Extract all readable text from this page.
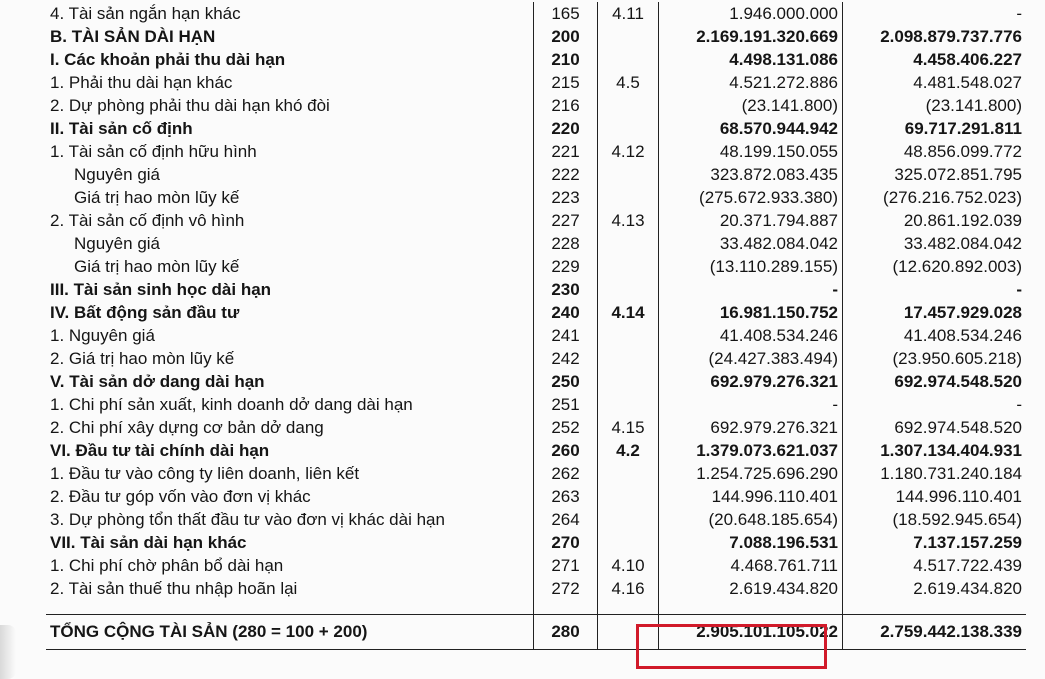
4. Tài sản ngắn hạn khác	165	4.11	1.946.000.000	-
B. TÀI SẢN DÀI HẠN	200		2.169.191.320.669	2.098.879.737.776
I. Các khoản phải thu dài hạn	210		4.498.131.086	4.458.406.227
1. Phải thu dài hạn khác	215	4.5	4.521.272.886	4.481.548.027
2. Dự phòng phải thu dài hạn khó đòi	216		(23.141.800)	(23.141.800)
II. Tài sản cố định	220		68.570.944.942	69.717.291.811
1. Tài sản cố định hữu hình	221	4.12	48.199.150.055	48.856.099.772
Nguyên giá	222		323.872.083.435	325.072.851.795
Giá trị hao mòn lũy kế	223		(275.672.933.380)	(276.216.752.023)
2. Tài sản cố định vô hình	227	4.13	20.371.794.887	20.861.192.039
Nguyên giá	228		33.482.084.042	33.482.084.042
Giá trị hao mòn lũy kế	229		(13.110.289.155)	(12.620.892.003)
III. Tài sản sinh học dài hạn	230		-	-
IV. Bất động sản đầu tư	240	4.14	16.981.150.752	17.457.929.028
1. Nguyên giá	241		41.408.534.246	41.408.534.246
2. Giá trị hao mòn lũy kế	242		(24.427.383.494)	(23.950.605.218)
V. Tài sản dở dang dài hạn	250		692.979.276.321	692.974.548.520
1. Chi phí sản xuất, kinh doanh dở dang dài hạn	251		-	-
2. Chi phí xây dựng cơ bản dở dang	252	4.15	692.979.276.321	692.974.548.520
VI. Đầu tư tài chính dài hạn	260	4.2	1.379.073.621.037	1.307.134.404.931
1. Đầu tư vào công ty liên doanh, liên kết	262		1.254.725.696.290	1.180.731.240.184
2. Đầu tư góp vốn vào đơn vị khác	263		144.996.110.401	144.996.110.401
3. Dự phòng tổn thất đầu tư vào đơn vị khác dài hạn	264		(20.648.185.654)	(18.592.945.654)
VII. Tài sản dài hạn khác	270		7.088.196.531	7.137.157.259
1. Chi phí chờ phân bổ dài hạn	271	4.10	4.468.761.711	4.517.722.439
2. Tài sản thuế thu nhập hoãn lại	272	4.16	2.619.434.820	2.619.434.820

TỔNG CỘNG TÀI SẢN (280 = 100 + 200)	280		2.905.101.105.022	2.759.442.138.339
